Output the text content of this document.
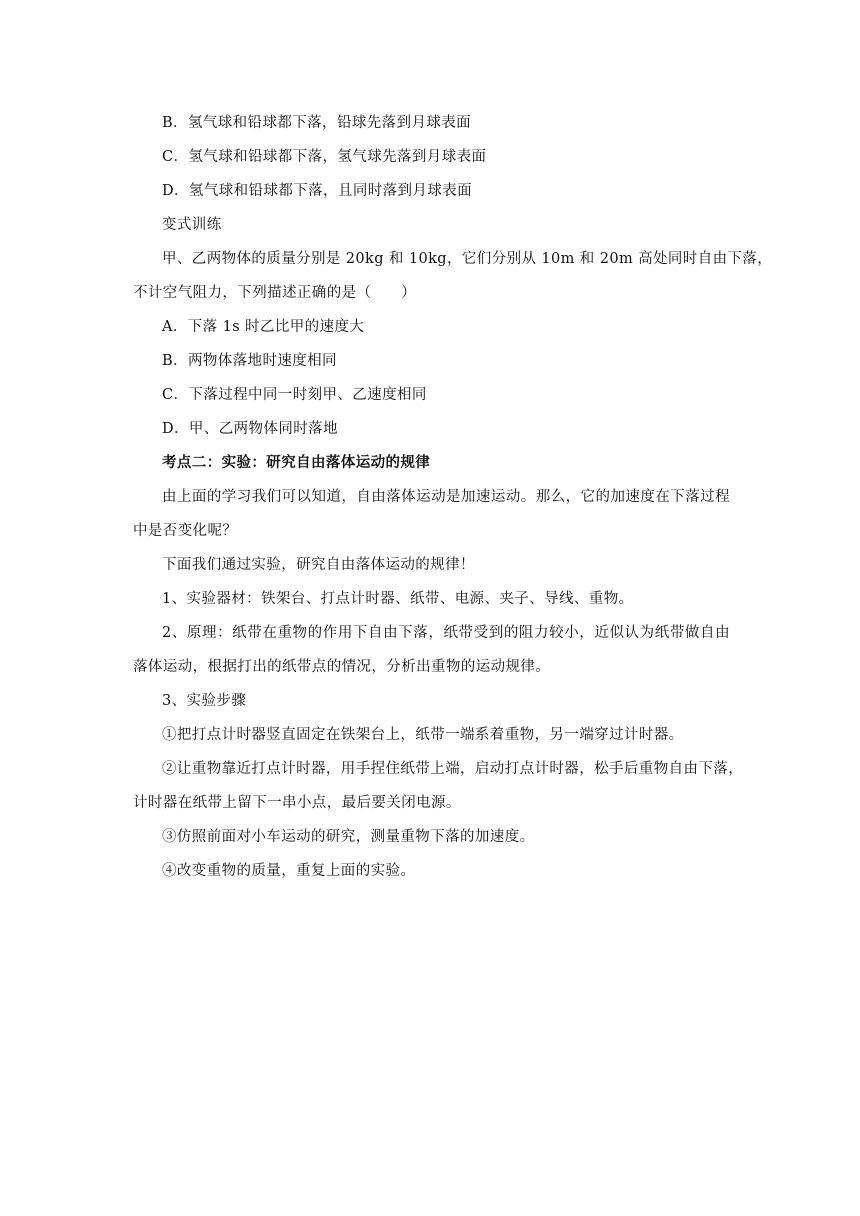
B．氢气球和铅球都下落，铅球先落到月球表面
C．氢气球和铅球都下落，氢气球先落到月球表面
D．氢气球和铅球都下落，且同时落到月球表面
变式训练
甲、乙两物体的质量分别是 20kg 和 10kg，它们分别从 10m 和 20m 高处同时自由下落，
不计空气阻力，下列描述正确的是（　　）
A．下落 1s 时乙比甲的速度大
B．两物体落地时速度相同
C．下落过程中同一时刻甲、乙速度相同
D．甲、乙两物体同时落地
考点二：实验：研究自由落体运动的规律
由上面的学习我们可以知道，自由落体运动是加速运动。那么，它的加速度在下落过程
中是否变化呢？
下面我们通过实验，研究自由落体运动的规律！
1、实验器材：铁架台、打点计时器、纸带、电源、夹子、导线、重物。
2、原理：纸带在重物的作用下自由下落，纸带受到的阻力较小，近似认为纸带做自由
落体运动，根据打出的纸带点的情况，分析出重物的运动规律。
3、实验步骤
①把打点计时器竖直固定在铁架台上，纸带一端系着重物，另一端穿过计时器。
②让重物靠近打点计时器，用手捏住纸带上端，启动打点计时器，松手后重物自由下落，
计时器在纸带上留下一串小点，最后要关闭电源。
③仿照前面对小车运动的研究，测量重物下落的加速度。
④改变重物的质量，重复上面的实验。
